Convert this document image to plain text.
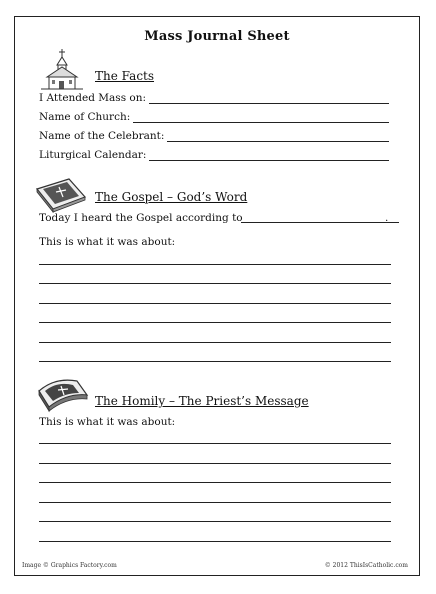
Mass Journal Sheet
The Facts
I Attended Mass on:
Name of Church:
Name of the Celebrant:
Liturgical Calendar:
The Gospel – God’s Word
Today I heard the Gospel according to	.
This is what it was about:
The Homily – The Priest’s Message
This is what it was about:
Image © Graphics Factory.com	© 2012 ThisIsCatholic.com
